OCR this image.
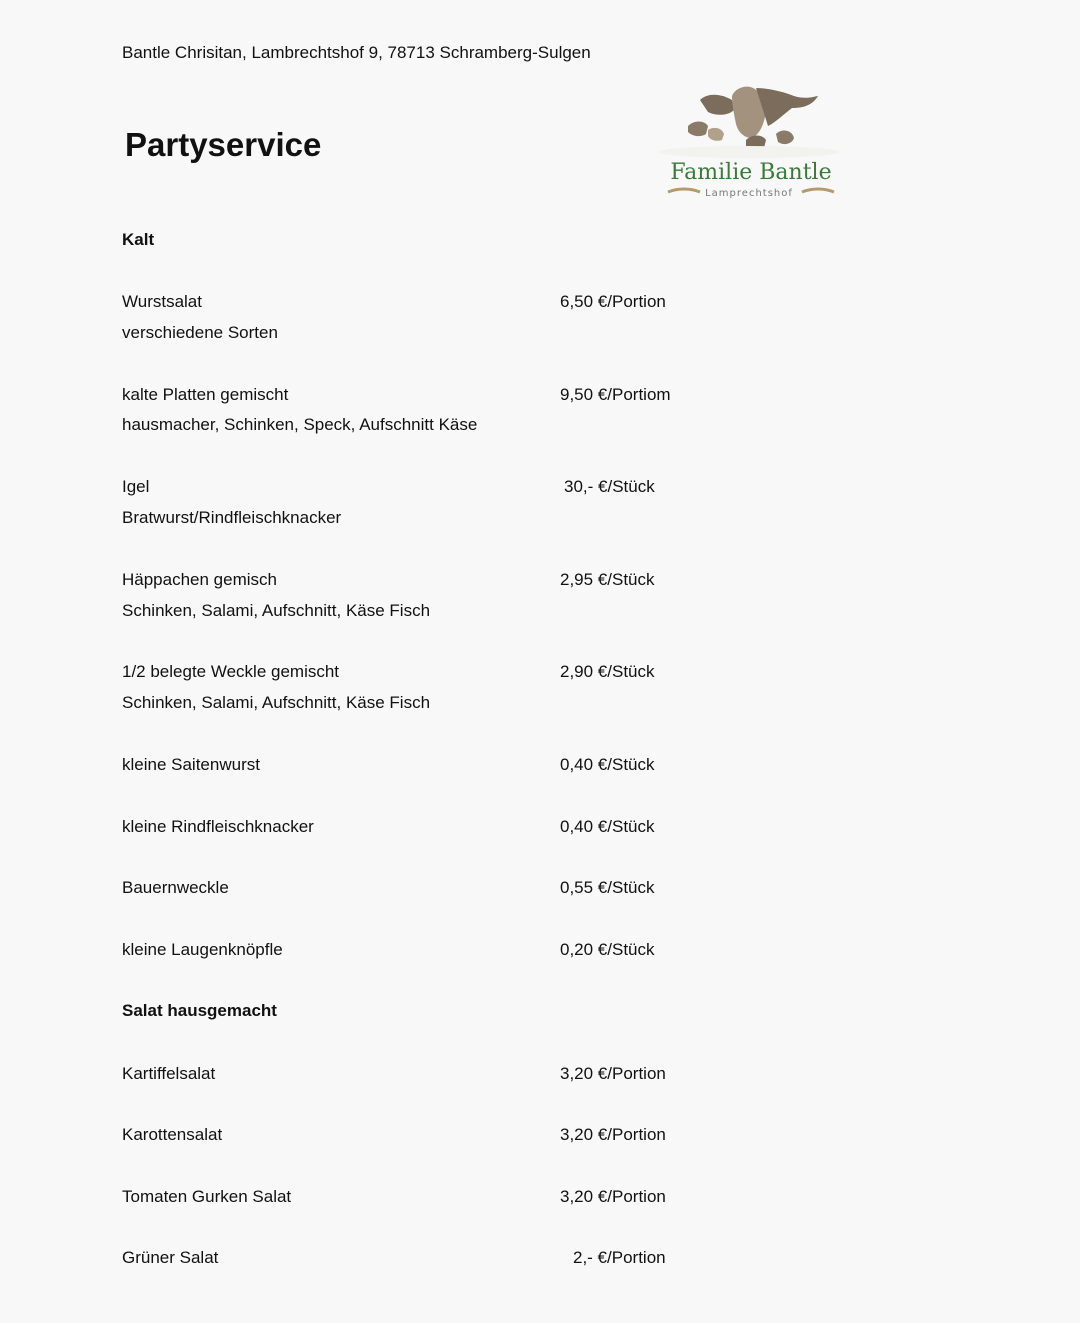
Bantle Chrisitan, Lambrechtshof 9, 78713 Schramberg-Sulgen
Partyservice
Familie Bantle
Lamprechtshof
Kalt
Wurstsalat	6,50 €/Portion
verschiedene Sorten
kalte Platten gemischt	9,50 €/Portiom
hausmacher, Schinken, Speck, Aufschnitt Käse
Igel	30,- €/Stück
Bratwurst/Rindfleischknacker
Häppachen gemisch	2,95 €/Stück
Schinken, Salami, Aufschnitt, Käse Fisch
1/2 belegte Weckle gemischt	2,90 €/Stück
Schinken, Salami, Aufschnitt, Käse Fisch
kleine Saitenwurst	0,40 €/Stück
kleine Rindfleischknacker	0,40 €/Stück
Bauernweckle	0,55 €/Stück
kleine Laugenknöpfle	0,20 €/Stück
Salat hausgemacht
Kartiffelsalat	3,20 €/Portion
Karottensalat	3,20 €/Portion
Tomaten Gurken Salat	3,20 €/Portion
Grüner Salat	2,- €/Portion
